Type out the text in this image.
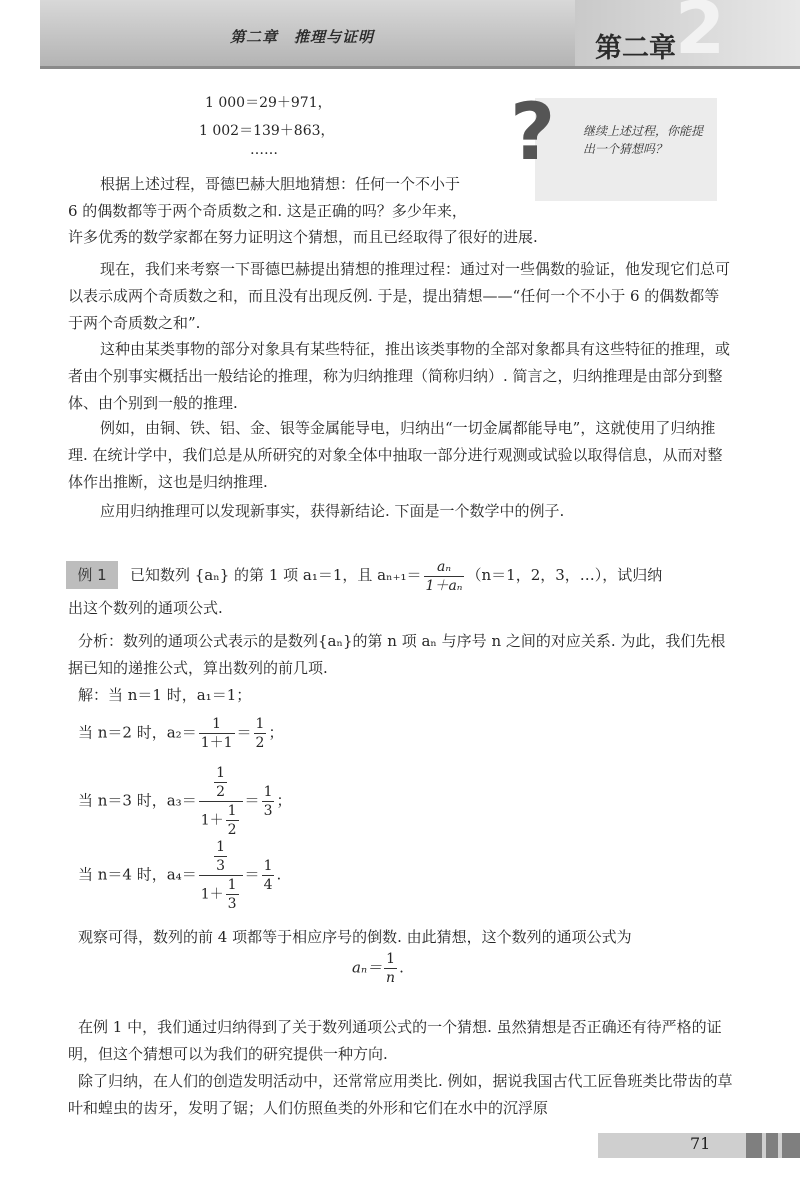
第二章　推理与证明	2
第二章
1 000＝29＋971，
1 002＝139＋863，
……	? 继续上述过程，你能提出一个猜想吗？
根据上述过程，哥德巴赫大胆地猜想：任何一个不小于
6 的偶数都等于两个奇质数之和. 这是正确的吗？多少年来，
许多优秀的数学家都在努力证明这个猜想，而且已经取得了很好的进展.
现在，我们来考察一下哥德巴赫提出猜想的推理过程：通过对一些偶数的验证，他发现它们总可以表示成两个奇质数之和，而且没有出现反例. 于是，提出猜想——“任何一个不小于 6 的偶数都等于两个奇质数之和”.
这种由某类事物的部分对象具有某些特征，推出该类事物的全部对象都具有这些特征的推理，或者由个别事实概括出一般结论的推理，称为归纳推理（简称归纳）. 简言之，归纳推理是由部分到整体、由个别到一般的推理.
例如，由铜、铁、铝、金、银等金属能导电，归纳出“一切金属都能导电”，这就使用了归纳推理. 在统计学中，我们总是从所研究的对象全体中抽取一部分进行观测或试验以取得信息，从而对整体作出推断，这也是归纳推理.
应用归纳推理可以发现新事实，获得新结论. 下面是一个数学中的例子.
例 1	已知数列 {aₙ} 的第 1 项 a₁＝1，且 $a_{n+1}= \frac{\text{aₙ}}{\text{1＋aₙ}} (n=1$，2，3，…），试归纳
出这个数列的通项公式.
分析：数列的通项公式表示的是数列{aₙ}的第 n 项 aₙ 与序号 n 之间的对应关系. 为此，我们先根据已知的递推公式，算出数列的前几项.
解：当 n＝1 时，a₁＝1；
当 n＝2 时，$a_2= \frac{1}{1+1} = \frac{1}{2}$ ；
当 n＝3 时，$a_3= \frac{\frac{1}{2}}{1+ \frac{1}{2}} = \frac{1}{3}$ ；
当 n＝4 时，$a_4= \frac{\frac{1}{3}}{1+ \frac{1}{3}} = \frac{1}{4}$ .
观察可得，数列的前 4 项都等于相应序号的倒数. 由此猜想，这个数列的通项公式为
$a_n= \frac{1}{n}$ .
在例 1 中，我们通过归纳得到了关于数列通项公式的一个猜想. 虽然猜想是否正确还有待严格的证明，但这个猜想可以为我们的研究提供一种方向.
除了归纳，在人们的创造发明活动中，还常常应用类比. 例如，据说我国古代工匠鲁班类比带齿的草叶和蝗虫的齿牙，发明了锯；人们仿照鱼类的外形和它们在水中的沉浮原
71
